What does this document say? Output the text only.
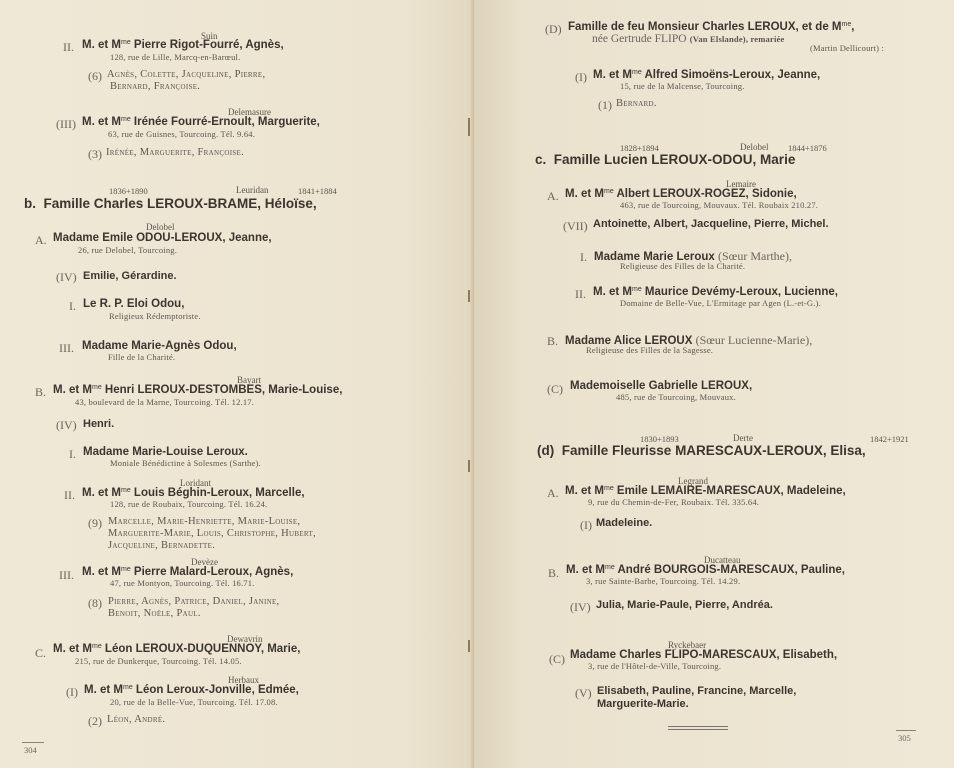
Suin
II. M. et $M^{me}$ Pierre Rigot-Fourré, Agnès,
128, rue de Lille, Marcq-en-Barœul.
(6) Agnès, Colette, Jacqueline, Pierre,
Bernard, Françoise.
Delemasure
(III) M. et $M^{me}$ Irénée Fourré-Ernoult, Marguerite,
63, rue de Guisnes, Tourcoing. Tél. 9.64.
(3) Irénée, Marguerite, Françoise.
1836+1890	Leuridan	1841+1884
b. Famille Charles LEROUX-BRAME, Héloïse,
Delobel
A. Madame Emile ODOU-LEROUX, Jeanne,
26, rue Delobel, Tourcoing.
(IV) Emilie, Gérardine.
I. Le R. P. Eloi Odou,
Religieux Rédemptoriste.
III. Madame Marie-Agnès Odou,
Fille de la Charité.
Bayart
B. M. et $M^{me}$ Henri LEROUX-DESTOMBES, Marie-Louise,
43, boulevard de la Marne, Tourcoing. Tél. 12.17.
(IV) Henri.
I. Madame Marie-Louise Leroux.
Moniale Bénédictine à Solesmes (Sarthe).
Loridant
II. M. et $M^{me}$ Louis Béghin-Leroux, Marcelle,
128, rue de Roubaix, Tourcoing. Tél. 16.24.
(9) Marcelle, Marie-Henriette, Marie-Louise,
Marguerite-Marie, Louis, Christophe, Hubert,
Jacqueline, Bernadette.
Devèze
III. M. et $M^{me}$ Pierre Malard-Leroux, Agnès,
47, rue Montyon, Tourcoing. Tél. 16.71.
(8) Pierre, Agnès, Patrice, Daniel, Janine,
Benoit, Noële, Paul.
Dewavrin
C. M. et $M^{me}$ Léon LEROUX-DUQUENNOY, Marie,
215, rue de Dunkerque, Tourcoing. Tél. 14.05.
Herbaux
(I) M. et $M^{me}$ Léon Leroux-Jonville, Edmée,
20, rue de la Belle-Vue, Tourcoing. Tél. 17.08.
(2) Léon, André.
304
(D) Famille de feu Monsieur Charles LEROUX, et de $M^{me}$,
née Gertrude FLIPO (Van Elslande), remariée
(Martin Dellicourt) :
(I) M. et $M^{me}$ Alfred Simoëns-Leroux, Jeanne,
15, rue de la Malcense, Tourcoing.
(1) Bernard.
1828+1894	Delobel 1844+1876
c. Famille Lucien LEROUX-ODOU, Marie
Lemaire
A. M. et $M^{me}$ Albert LEROUX-ROGEZ, Sidonie,
463, rue de Tourcoing, Mouvaux. Tél. Roubaix 210.27.
(VII) Antoinette, Albert, Jacqueline, Pierre, Michel.
I. Madame Marie Leroux (Sœur Marthe),
Religieuse des Filles de la Charité.
II. M. et $M^{me}$ Maurice Devémy-Leroux, Lucienne,
Domaine de Belle-Vue, L'Ermitage par Agen (L.-et-G.).
B. Madame Alice LEROUX (Sœur Lucienne-Marie),
Religieuse des Filles de la Sagesse.
(C) Mademoiselle Gabrielle LEROUX,
485, rue de Tourcoing, Mouvaux.
1830+1893	Derte	1842+1921
(d) Famille Fleurisse MARESCAUX-LEROUX, Elisa,
Legrand
A. M. et $M^{me}$ Emile LEMAIRE-MARESCAUX, Madeleine,
9, rue du Chemin-de-Fer, Roubaix. Tél. 335.64.
(I) Madeleine.
Ducatteau
B. M. et $M^{me}$ André BOURGOIS-MARESCAUX, Pauline,
3, rue Sainte-Barbe, Tourcoing. Tél. 14.29.
(IV) Julia, Marie-Paule, Pierre, Andréa.
Ryckebaer
(C) Madame Charles FLIPO-MARESCAUX, Elisabeth,
3, rue de l'Hôtel-de-Ville, Tourcoing.
(V) Elisabeth, Pauline, Francine, Marcelle,
Marguerite-Marie.
305
